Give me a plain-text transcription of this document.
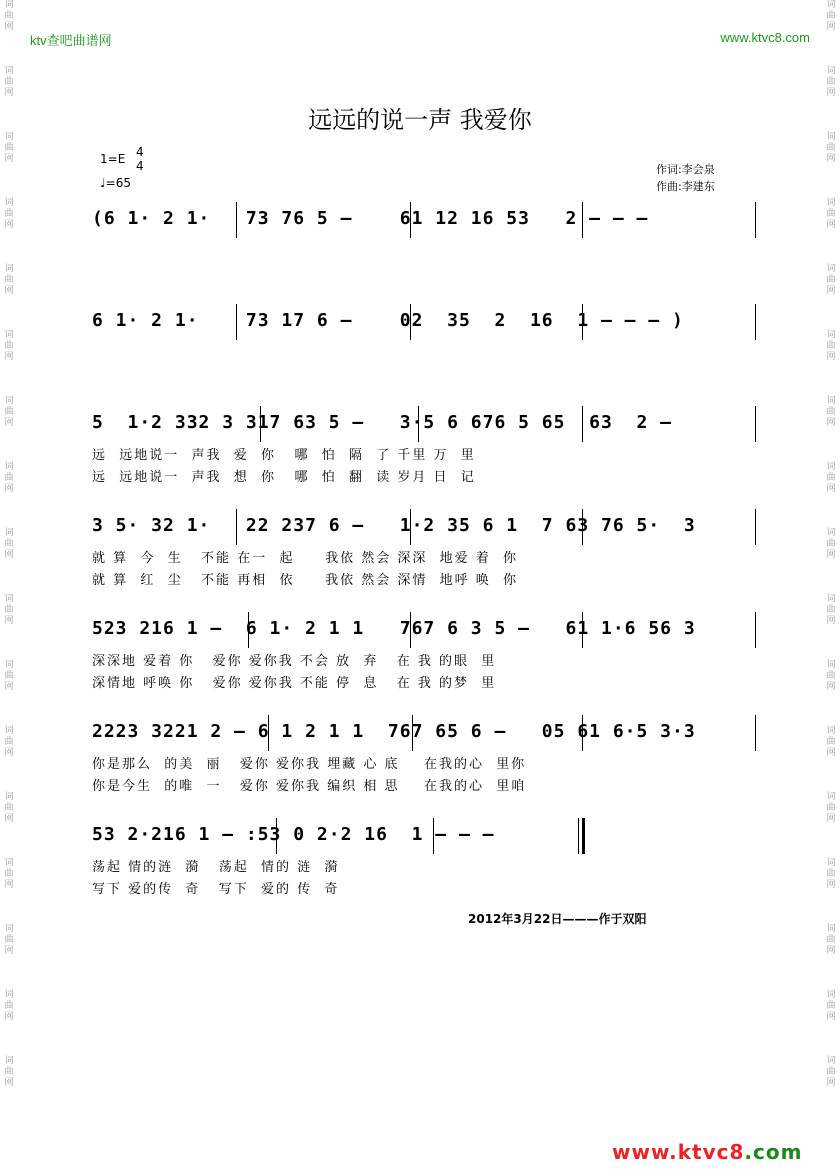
词曲网
词曲网
词曲网
词曲网
词曲网
词曲网
词曲网
词曲网
词曲网
词曲网
词曲网
词曲网
词曲网
词曲网
词曲网
词曲网
词曲网
词曲网
词曲网
词曲网
词曲网
词曲网
词曲网
词曲网
词曲网
词曲网
词曲网
词曲网
词曲网
词曲网
词曲网
词曲网
词曲网
词曲网
ktv查吧曲谱网	www.ktvc8.com
远远的说一声 我爱你
1=E 4
4
♩=65
作词:李会泉
作曲:李建东
(6 1· 2 1·   73 76 5 –    61 12 16 53   2 – – –
6 1· 2 1·    73 17 6 –    02  35  2  16  1 – – – )
5  1·2 332 3 317 63 5 –   3·5 6 676 5 65  63  2 –
远  远地说一  声我  爱  你   哪  怕  隔  了 千里 万  里
远  远地说一  声我  想  你   哪  怕  翻  读 岁月 日  记
3 5· 32 1·   22 237 6 –   1·2 35 6 1  7 63 76 5·  3
就 算  今  生   不能 在一  起     我依 然会 深深  地爱 着  你
就 算  红  尘   不能 再相  依     我依 然会 深情  地呼 唤  你
523 216 1 –  6 1· 2 1 1   767 6 3 5 –   61 1·6 56 3
深深地 爱着 你   爱你 爱你我 不会 放  弃   在 我 的眼  里
深情地 呼唤 你   爱你 爱你我 不能 停  息   在 我 的梦  里
2223 3221 2 – 6 1 2 1 1  767 65 6 –   05 61 6·5 3·3
你是那么  的美  丽   爱你 爱你我 埋藏 心 底    在我的心  里你
你是今生  的唯  一   爱你 爱你我 编织 相 思    在我的心  里咱
53 2·216 1 – :53 0 2·2 16  1 – – –
荡起 情的涟  漪   荡起  情的 涟  漪
写下 爱的传  奇   写下  爱的 传  奇
2012年3月22日———作于双阳
www.ktvc8.com
